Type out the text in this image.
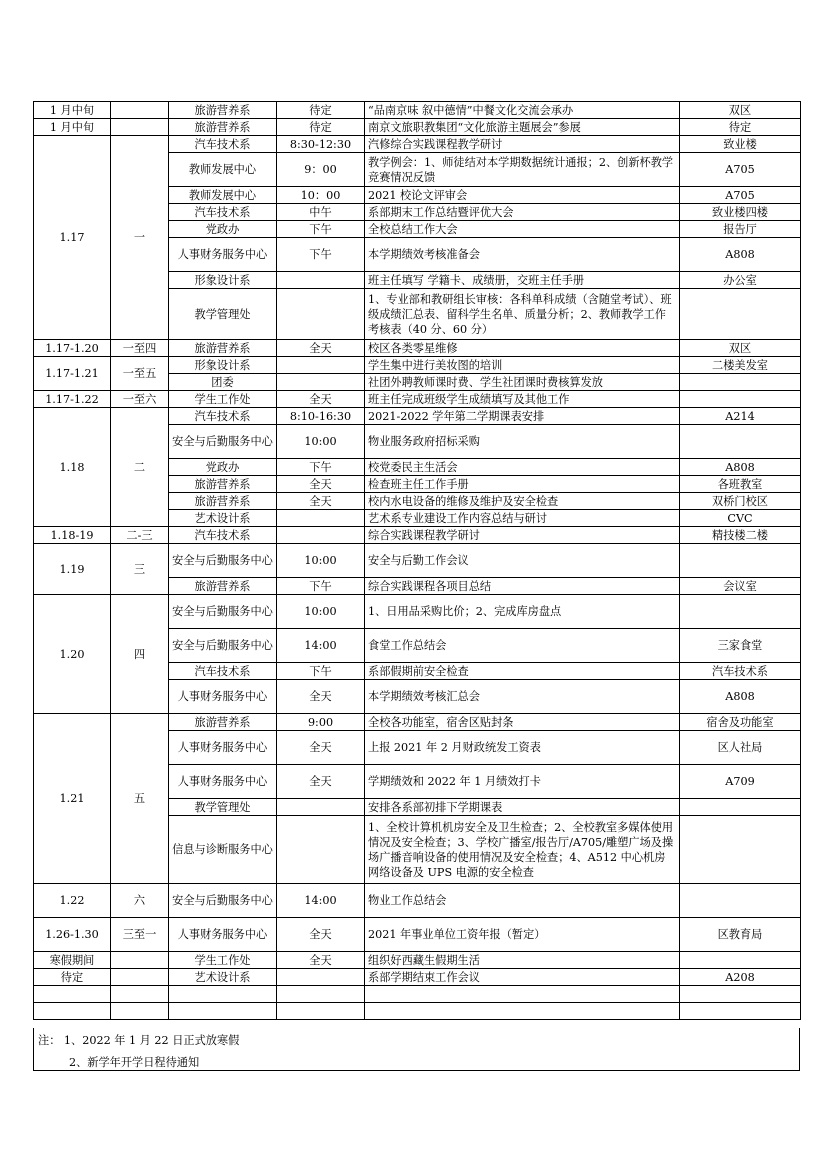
1 月中旬		旅游营养系	待定	“品南京味 叙中德情”中餐文化交流会承办	双区
1 月中旬		旅游营养系	待定	南京文旅职教集团“文化旅游主题展会”参展	待定
1.17	一	汽车技术系	8:30-12:30	汽修综合实践课程教学研讨	致业楼
		教师发展中心	9：00	教学例会：1、师徒结对本学期数据统计通报；2、创新杯教学竞赛情况反馈	A705
		教师发展中心	10：00	2021 校论文评审会	A705
		汽车技术系	中午	系部期末工作总结暨评优大会	致业楼四楼
		党政办	下午	全校总结工作大会	报告厅
		人事财务服务中心	下午	本学期绩效考核准备会	A808
		形象设计系		班主任填写 学籍卡、成绩册，交班主任手册	办公室
		教学管理处		1、专业部和教研组长审核：各科单科成绩（含随堂考试）、班级成绩汇总表、留科学生名单、质量分析；2、教师教学工作考核表（40 分、60 分）	
1.17-1.20	一至四	旅游营养系	全天	校区各类零星维修	双区
1.17-1.21	一至五	形象设计系		学生集中进行美妆图的培训	二楼美发室
		团委		社团外聘教师课时费、学生社团课时费核算发放	
1.17-1.22	一至六	学生工作处	全天	班主任完成班级学生成绩填写及其他工作	
1.18	二	汽车技术系	8:10-16:30	2021-2022 学年第二学期课表安排	A214
		安全与后勤服务中心	10:00	物业服务政府招标采购	
		党政办	下午	校党委民主生活会	A808
		旅游营养系	全天	检查班主任工作手册	各班教室
		旅游营养系	全天	校内水电设备的维修及维护及安全检查	双桥门校区
		艺术设计系		艺术系专业建设工作内容总结与研讨	CVC
1.18-19	二-三	汽车技术系		综合实践课程教学研讨	精技楼二楼
1.19	三	安全与后勤服务中心	10:00	安全与后勤工作会议	
		旅游营养系	下午	综合实践课程各项目总结	会议室
1.20	四	安全与后勤服务中心	10:00	1、日用品采购比价；2、完成库房盘点	
		安全与后勤服务中心	14:00	食堂工作总结会	三家食堂
		汽车技术系	下午	系部假期前安全检查	汽车技术系
		人事财务服务中心	全天	本学期绩效考核汇总会	A808
1.21	五	旅游营养系	9:00	全校各功能室，宿舍区贴封条	宿舍及功能室
		人事财务服务中心	全天	上报 2021 年 2 月财政统发工资表	区人社局
		人事财务服务中心	全天	学期绩效和 2022 年 1 月绩效打卡	A709
		教学管理处		安排各系部初排下学期课表	
		信息与诊断服务中心		1、全校计算机机房安全及卫生检查；2、全校教室多媒体使用情况及安全检查；3、学校广播室/报告厅/A705/雕塑广场及操场广播音响设备的使用情况及安全检查；4、A512 中心机房网络设备及 UPS 电源的安全检查	
1.22	六	安全与后勤服务中心	14:00	物业工作总结会	
1.26-1.30	三至一	人事财务服务中心	全天	2021 年事业单位工资年报（暂定）	区教育局
寒假期间		学生工作处	全天	组织好西藏生假期生活	
待定		艺术设计系		系部学期结束工作会议	A208

注： 1、2022 年 1 月 22 日正式放寒假
2、新学年开学日程待通知
